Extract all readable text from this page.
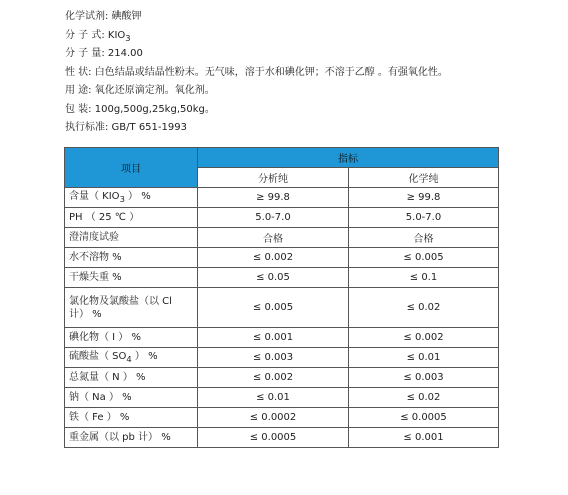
化学试剂: 碘酸钾
分 子 式: $KIO_3$
分 子 量: 214.00
性 状: 白色结晶或结晶性粉末。无气味，溶于水和碘化钾；不溶于乙醇 。有强氧化性。
用 途: 氧化还原滴定剂。氧化剂。
包 装: 100g,500g,25kg,50kg。
执行标准: GB/T 651-1993
项目	指标	
	分析纯	化学纯
含量（ $KIO_3$ ） %	≥ 99.8	≥ 99.8
PH （ 25 ℃ ）	5.0-7.0	5.0-7.0
澄清度试验	合格	合格
水不溶物 %	≤ 0.002	≤ 0.005
干燥失重 %	≤ 0.05	≤ 0.1
氯化物及氯酸盐（以 Cl 计） %	≤ 0.005	≤ 0.02
碘化物（ I ） %	≤ 0.001	≤ 0.002
硫酸盐（ $SO_4$ ） %	≤ 0.003	≤ 0.01
总氮量（ N ） %	≤ 0.002	≤ 0.003
钠（ Na ） %	≤ 0.01	≤ 0.02
铁（ Fe ） %	≤ 0.0002	≤ 0.0005
重金属（以 pb 计） %	≤ 0.0005	≤ 0.001
